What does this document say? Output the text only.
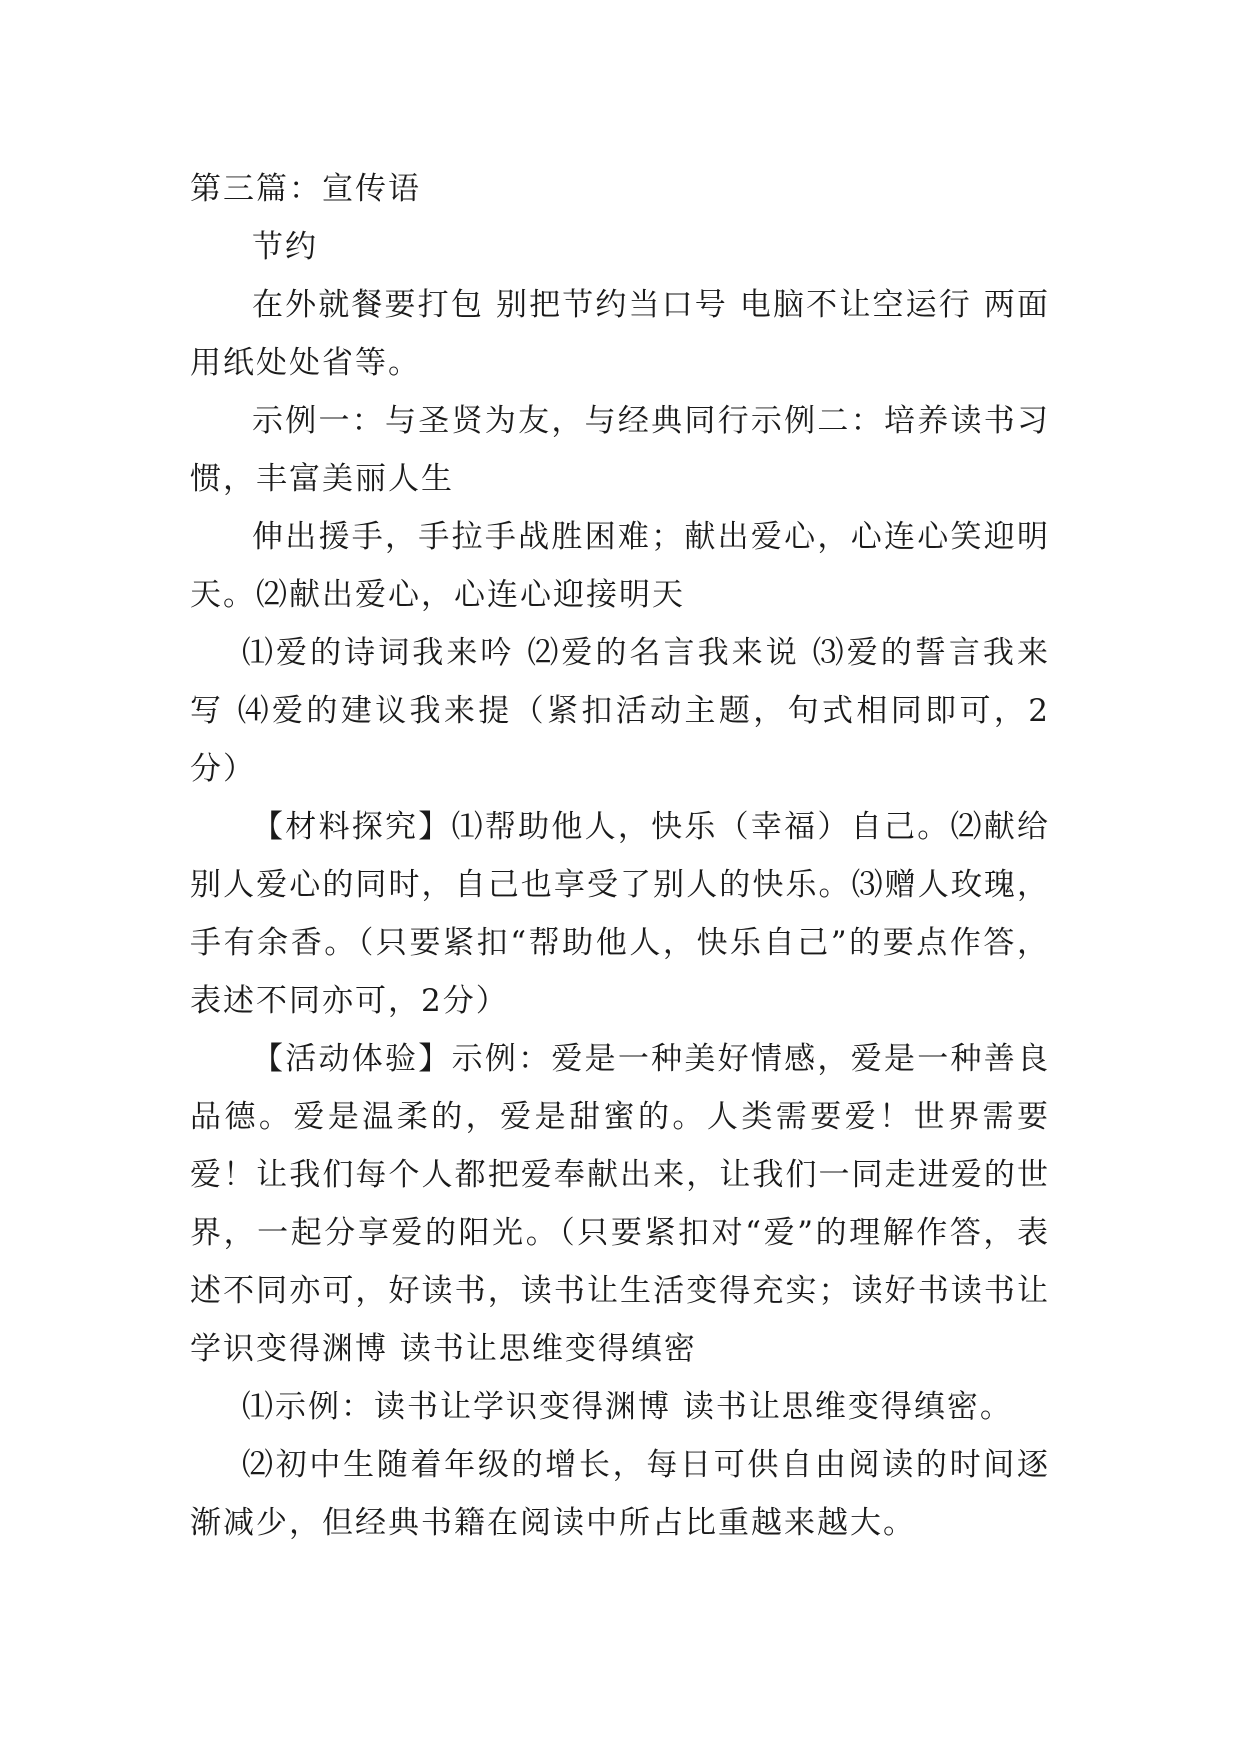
第三篇：宣传语

节约

在外就餐要打包 别把节约当口号 电脑不让空运行 两面用纸处处省等。

示例一：与圣贤为友，与经典同行示例二：培养读书习惯，丰富美丽人生

伸出援手，手拉手战胜困难；献出爱心，心连心笑迎明天。⑵献出爱心，心连心迎接明天

⑴爱的诗词我来吟 ⑵爱的名言我来说 ⑶爱的誓言我来写 ⑷爱的建议我来提（紧扣活动主题，句式相同即可，2分）

【材料探究】⑴帮助他人，快乐（幸福）自己。⑵献给别人爱心的同时，自己也享受了别人的快乐。⑶赠人玫瑰，手有余香。（只要紧扣“帮助他人，快乐自己”的要点作答，表述不同亦可，2分）

【活动体验】示例：爱是一种美好情感，爱是一种善良品德。爱是温柔的，爱是甜蜜的。人类需要爱！世界需要爱！让我们每个人都把爱奉献出来，让我们一同走进爱的世界，一起分享爱的阳光。（只要紧扣对“爱”的理解作答，表述不同亦可，好读书，读书让生活变得充实；读好书读书让学识变得渊博 读书让思维变得缜密

⑴示例：读书让学识变得渊博 读书让思维变得缜密。

⑵初中生随着年级的增长，每日可供自由阅读的时间逐渐减少，但经典书籍在阅读中所占比重越来越大。
